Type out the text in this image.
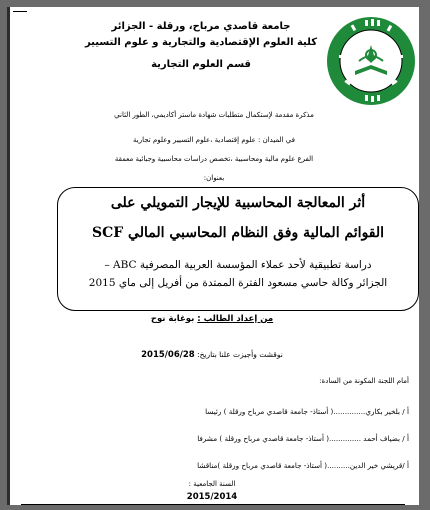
جامعة قاصدي مرباح، ورقلة - الجزائر
كلية العلوم الإقتصادية والتجارية و علوم التسيير
قسم العلوم التجارية
مذكرة مقدمة لإستكمال متطلبات شهادة ماستر أكاديمي، الطور الثاني
في الميدان : علوم إقتصادية ،علوم التسيير وعلوم تجارية
الفرع علوم مالية ومحاسبية ،تخصص دراسات محاسبية وجبائية معمقة
بعنوان:
أثر المعالجة المحاسبية للإيجار التمويلي على
القوائم المالية وفق النظام المحاسبي المالي SCF
دراسة تطبيقية لأحد عملاء المؤسسة العربية المصرفية ABC –
الجزائر وكالة حاسي مسعود الفترة الممتدة من أفريل إلى ماي 2015
من إعداد الطالب : بوغابة نوح
نوقشت وأجيزت علنا بتاريخ: 2015/06/28
أمام اللجنة المكونة من السادة:
أ / بلخير بكاري..............( أستاذ- جامعة قاصدي مرباح ورقلة ) رئيسا
أ / بضياف أحمد ..............( أستاذ- جامعة قاصدي مرباح ورقلة ) مشرفا
أ /قريشي خير الدين..........( أستاذ- جامعة قاصدي مرباح ورقلة )مناقشا
السنة الجامعية :
2015/2014
